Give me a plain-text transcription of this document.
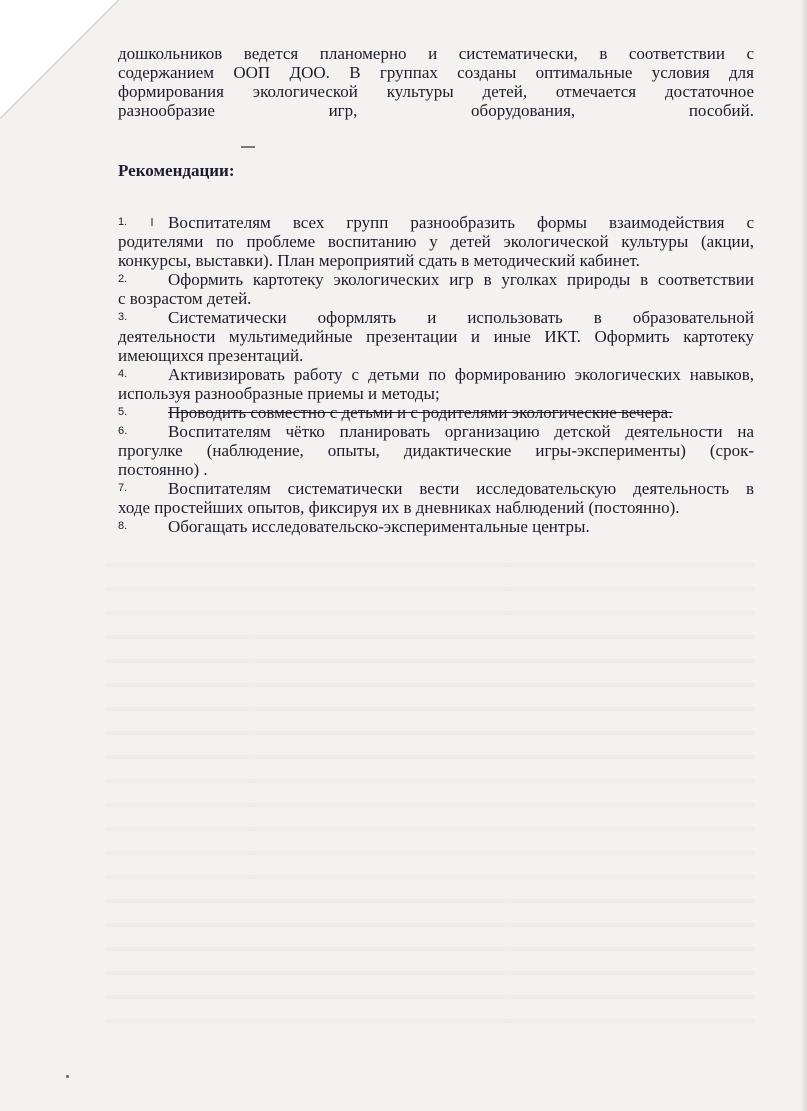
дошкольников ведется планомерно и систематически, в соответствии с
содержанием ООП ДОО. В группах созданы оптимальные условия для
формирования экологической культуры детей, отмечается достаточное
разнообразие игр, оборудования, пособий.
Рекомендации:
1.	Воспитателям всех групп разнообразить формы взаимодействия с
родителями по проблеме воспитанию у детей экологической культуры (акции,
конкурсы, выставки). План мероприятий сдать в методический кабинет.
2.	Оформить картотеку экологических игр в уголках природы в соответствии
с возрастом детей.
3.	Систематически оформлять и использовать в образовательной
деятельности мультимедийные презентации и иные ИКТ. Оформить картотеку
имеющихся презентаций.
4.	Активизировать работу с детьми по формированию экологических навыков,
используя разнообразные приемы и методы;
5.	Проводить совместно с детьми и с родителями экологические вечера.
6.	Воспитателям чётко планировать организацию детской деятельности на
прогулке (наблюдение, опыты, дидактические игры-эксперименты) (срок-
постоянно) .
7.	Воспитателям систематически вести исследовательскую деятельность в
ходе простейших опытов, фиксируя их в дневниках наблюдений (постоянно).
8.	Обогащать исследовательско-экспериментальные центры.
